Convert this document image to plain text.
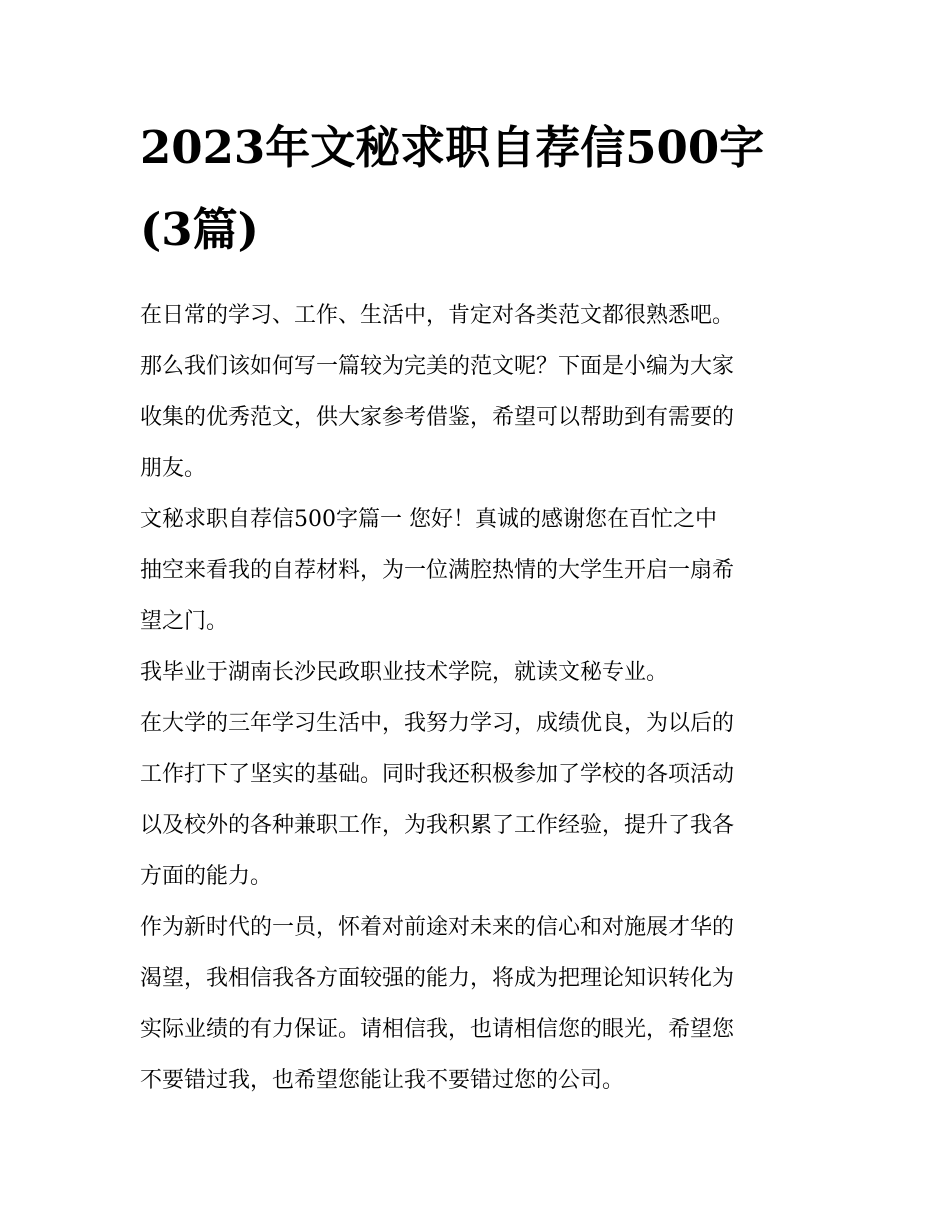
2023年文秘求职自荐信500字
(3篇)

在日常的学习、工作、生活中，肯定对各类范文都很熟悉吧。
那么我们该如何写一篇较为完美的范文呢？下面是小编为大家
收集的优秀范文，供大家参考借鉴，希望可以帮助到有需要的
朋友。

文秘求职自荐信500字篇一 您好！真诚的感谢您在百忙之中
抽空来看我的自荐材料，为一位满腔热情的大学生开启一扇希
望之门。

我毕业于湖南长沙民政职业技术学院，就读文秘专业。

在大学的三年学习生活中，我努力学习，成绩优良，为以后的
工作打下了坚实的基础。同时我还积极参加了学校的各项活动
以及校外的各种兼职工作，为我积累了工作经验，提升了我各
方面的能力。

作为新时代的一员，怀着对前途对未来的信心和对施展才华的
渴望，我相信我各方面较强的能力，将成为把理论知识转化为
实际业绩的有力保证。请相信我，也请相信您的眼光，希望您
不要错过我，也希望您能让我不要错过您的公司。
